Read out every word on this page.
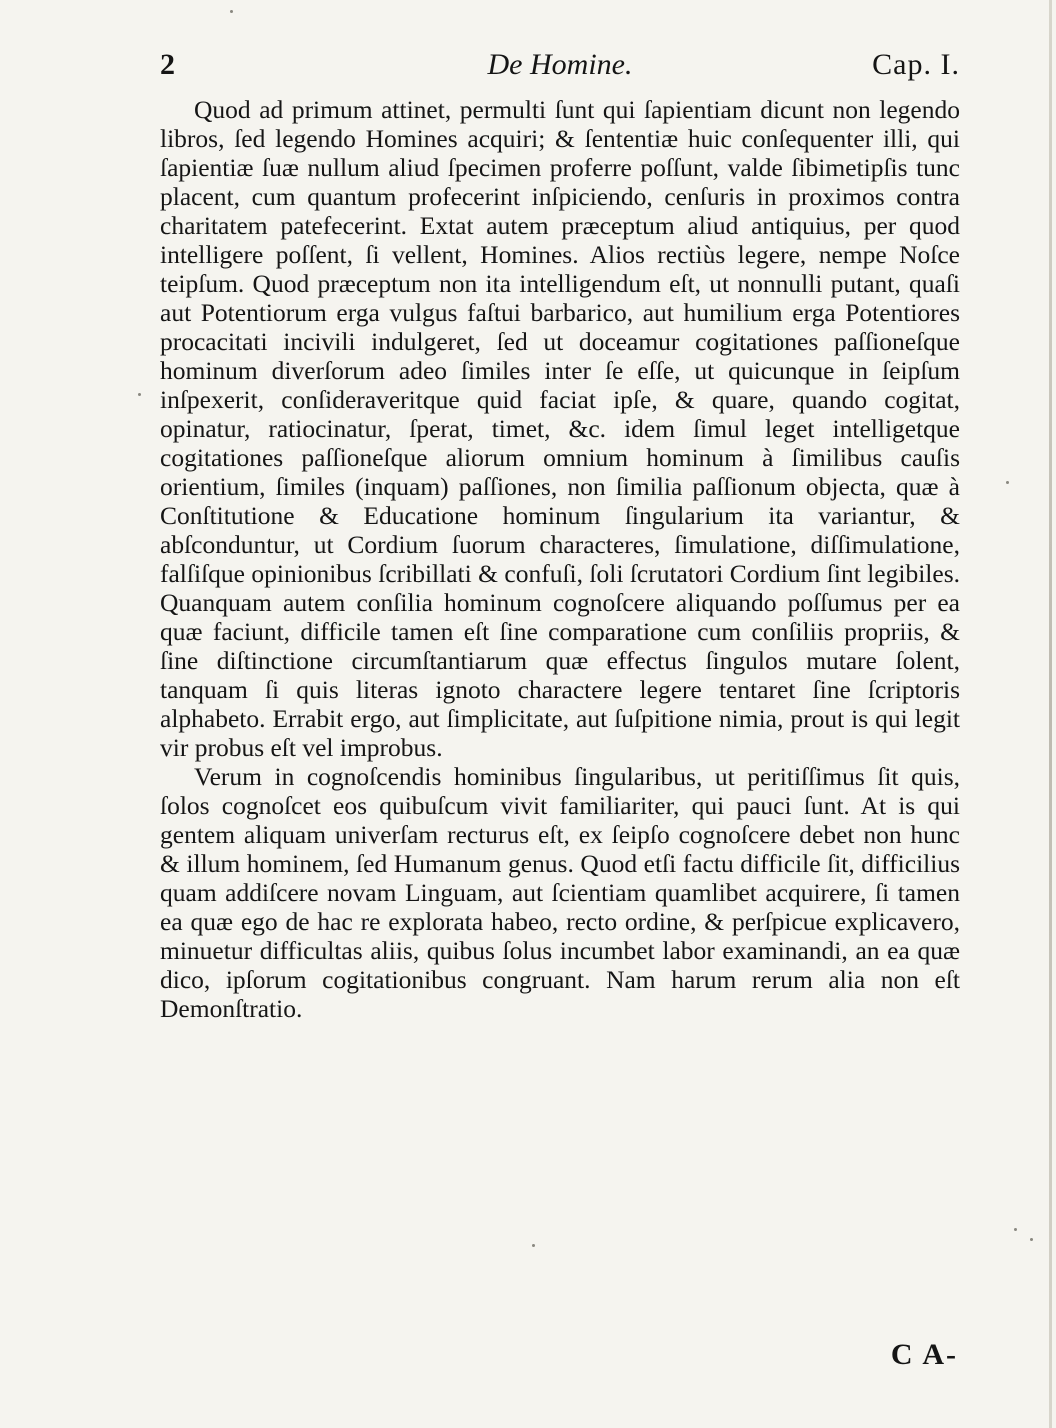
2	De Homine.	Cap. I.

Quod ad primum attinet, permulti ſunt qui ſapientiam dicunt non legendo libros, ſed legendo Homines acquiri; & ſententiæ huic conſequenter illi, qui ſapientiæ ſuæ nullum aliud ſpecimen proferre poſſunt, valde ſibimetipſis tunc placent, cum quantum profecerint inſpiciendo, cenſuris in proximos contra charitatem patefecerint. Extat autem præceptum aliud antiquius, per quod intelligere poſſent, ſi vellent, Homines. Alios rectiùs legere, nempe Noſce teipſum. Quod præceptum non ita intelligendum eſt, ut nonnulli putant, quaſi aut Potentiorum erga vulgus faſtui barbarico, aut humilium erga Potentiores procacitati incivili indulgeret, ſed ut doceamur cogitationes paſſioneſque hominum diverſorum adeo ſimiles inter ſe eſſe, ut quicunque in ſeipſum inſpexerit, conſideraveritque quid faciat ipſe, & quare, quando cogitat, opinatur, ratiocinatur, ſperat, timet, &c. idem ſimul leget intelligetque cogitationes paſſioneſque aliorum omnium hominum à ſimilibus cauſis orientium, ſimiles (inquam) paſſiones, non ſimilia paſſionum objecta, quæ à Conſtitutione & Educatione hominum ſingularium ita variantur, & abſconduntur, ut Cordium ſuorum characteres, ſimulatione, diſſimulatione, falſiſque opinionibus ſcribillati & confuſi, ſoli ſcrutatori Cordium ſint legibiles. Quanquam autem conſilia hominum cognoſcere aliquando poſſumus per ea quæ faciunt, difficile tamen eſt ſine comparatione cum conſiliis propriis, & ſine diſtinctione circumſtantiarum quæ effectus ſingulos mutare ſolent, tanquam ſi quis literas ignoto charactere legere tentaret ſine ſcriptoris alphabeto. Errabit ergo, aut ſimplicitate, aut ſuſpitione nimia, prout is qui legit vir probus eſt vel improbus.

Verum in cognoſcendis hominibus ſingularibus, ut peritiſſimus ſit quis, ſolos cognoſcet eos quibuſcum vivit familiariter, qui pauci ſunt. At is qui gentem aliquam univerſam recturus eſt, ex ſeipſo cognoſcere debet non hunc & illum hominem, ſed Humanum genus. Quod etſi factu difficile ſit, difficilius quam addiſcere novam Linguam, aut ſcientiam quamlibet acquirere, ſi tamen ea quæ ego de hac re explorata habeo, recto ordine, & perſpicue explicavero, minuetur difficultas aliis, quibus ſolus incumbet labor examinandi, an ea quæ dico, ipſorum cogitationibus congruant. Nam harum rerum alia non eſt Demonſtratio.

C A-
